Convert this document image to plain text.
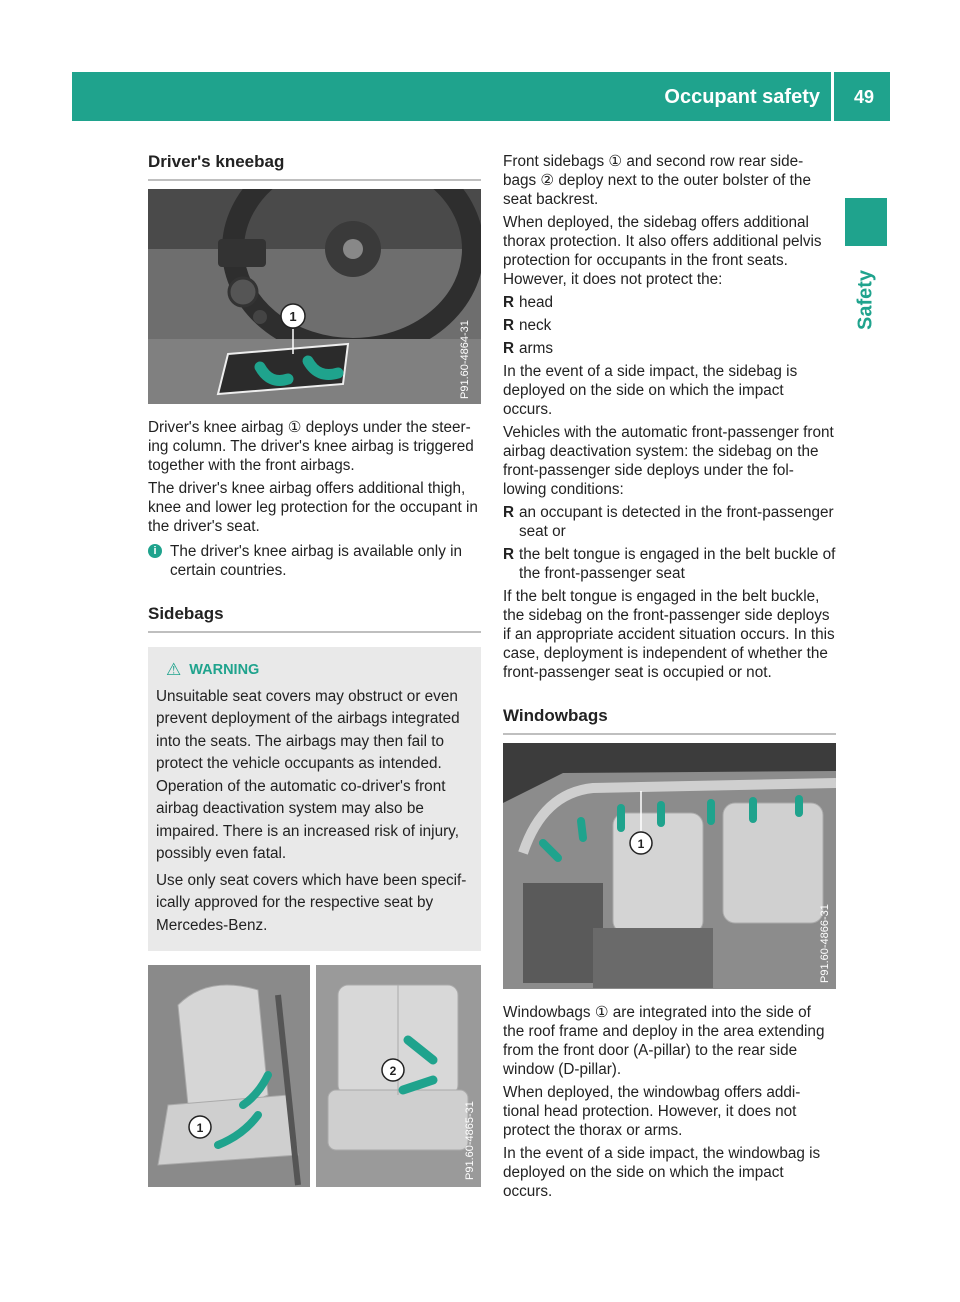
Occupant safety 49
Safety
Driver's kneebag
1
P91.60-4864-31

Driver's knee airbag ① deploys under the steer-ing column. The driver's knee airbag is triggered together with the front airbags.

The driver's knee airbag offers additional thigh, knee and lower leg protection for the occupant in the driver's seat.

i The driver's knee airbag is available only in certain countries.
Sidebags
⚠ WARNING

Unsuitable seat covers may obstruct or even prevent deployment of the airbags integrated into the seats. The airbags may then fail to protect the vehicle occupants as intended. Operation of the automatic co-driver's front airbag deactivation system may also be impaired. There is an increased risk of injury, possibly even fatal.

Use only seat covers which have been specif-ically approved for the respective seat by Mercedes-Benz.

1
2
P91.60-4865-31

Front sidebags ① and second row rear side-bags ② deploy next to the outer bolster of the seat backrest.

When deployed, the sidebag offers additional thorax protection. It also offers additional pelvis protection for occupants in the front seats. However, it does not protect the:

R head
R neck
R arms

In the event of a side impact, the sidebag is deployed on the side on which the impact occurs.

Vehicles with the automatic front-passenger front airbag deactivation system: the sidebag on the front-passenger side deploys under the fol-lowing conditions:

R an occupant is detected in the front-passenger seat or
R the belt tongue is engaged in the belt buckle of the front-passenger seat

If the belt tongue is engaged in the belt buckle, the sidebag on the front-passenger side deploys if an appropriate accident situation occurs. In this case, deployment is independent of whether the front-passenger seat is occupied or not.

Windowbags
1
P91.60-4866-31

Windowbags ① are integrated into the side of the roof frame and deploy in the area extending from the front door (A-pillar) to the rear side window (D-pillar).

When deployed, the windowbag offers addi-tional head protection. However, it does not protect the thorax or arms.

In the event of a side impact, the windowbag is deployed on the side on which the impact occurs.
